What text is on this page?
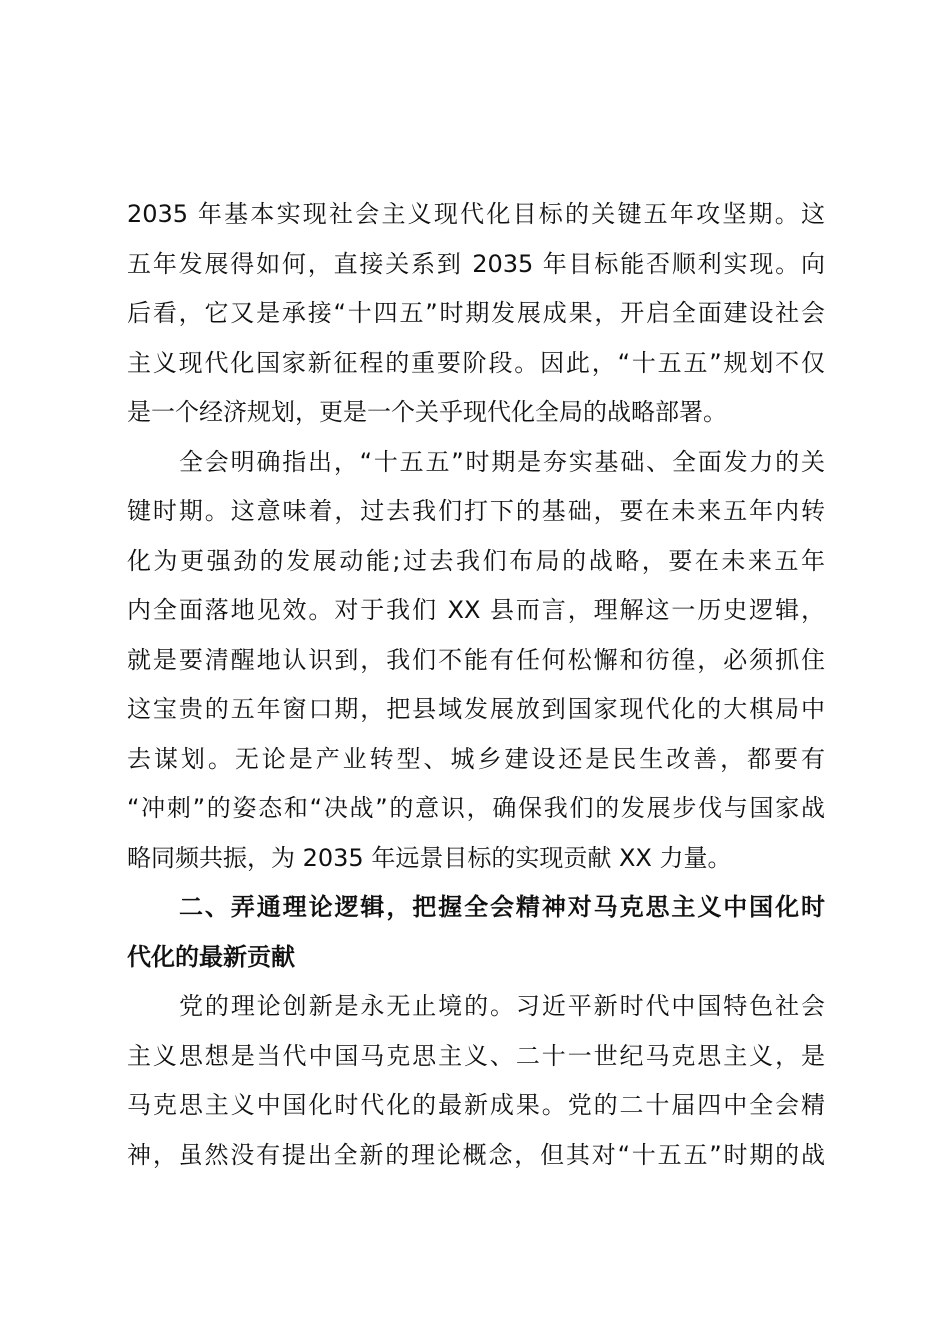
2035 年基本实现社会主义现代化目标的关键五年攻坚期。这
五年发展得如何，直接关系到 2035 年目标能否顺利实现。向
后看，它又是承接“十四五”时期发展成果，开启全面建设社会
主义现代化国家新征程的重要阶段。因此，“十五五”规划不仅
是一个经济规划，更是一个关乎现代化全局的战略部署。
全会明确指出，“十五五”时期是夯实基础、全面发力的关
键时期。这意味着，过去我们打下的基础，要在未来五年内转
化为更强劲的发展动能;过去我们布局的战略，要在未来五年
内全面落地见效。对于我们 XX 县而言，理解这一历史逻辑，
就是要清醒地认识到，我们不能有任何松懈和彷徨，必须抓住
这宝贵的五年窗口期，把县域发展放到国家现代化的大棋局中
去谋划。无论是产业转型、城乡建设还是民生改善，都要有
“冲刺”的姿态和“决战”的意识，确保我们的发展步伐与国家战
略同频共振，为 2035 年远景目标的实现贡献 XX 力量。
二、弄通理论逻辑，把握全会精神对马克思主义中国化时
代化的最新贡献
党的理论创新是永无止境的。习近平新时代中国特色社会
主义思想是当代中国马克思主义、二十一世纪马克思主义，是
马克思主义中国化时代化的最新成果。党的二十届四中全会精
神，虽然没有提出全新的理论概念，但其对“十五五”时期的战
